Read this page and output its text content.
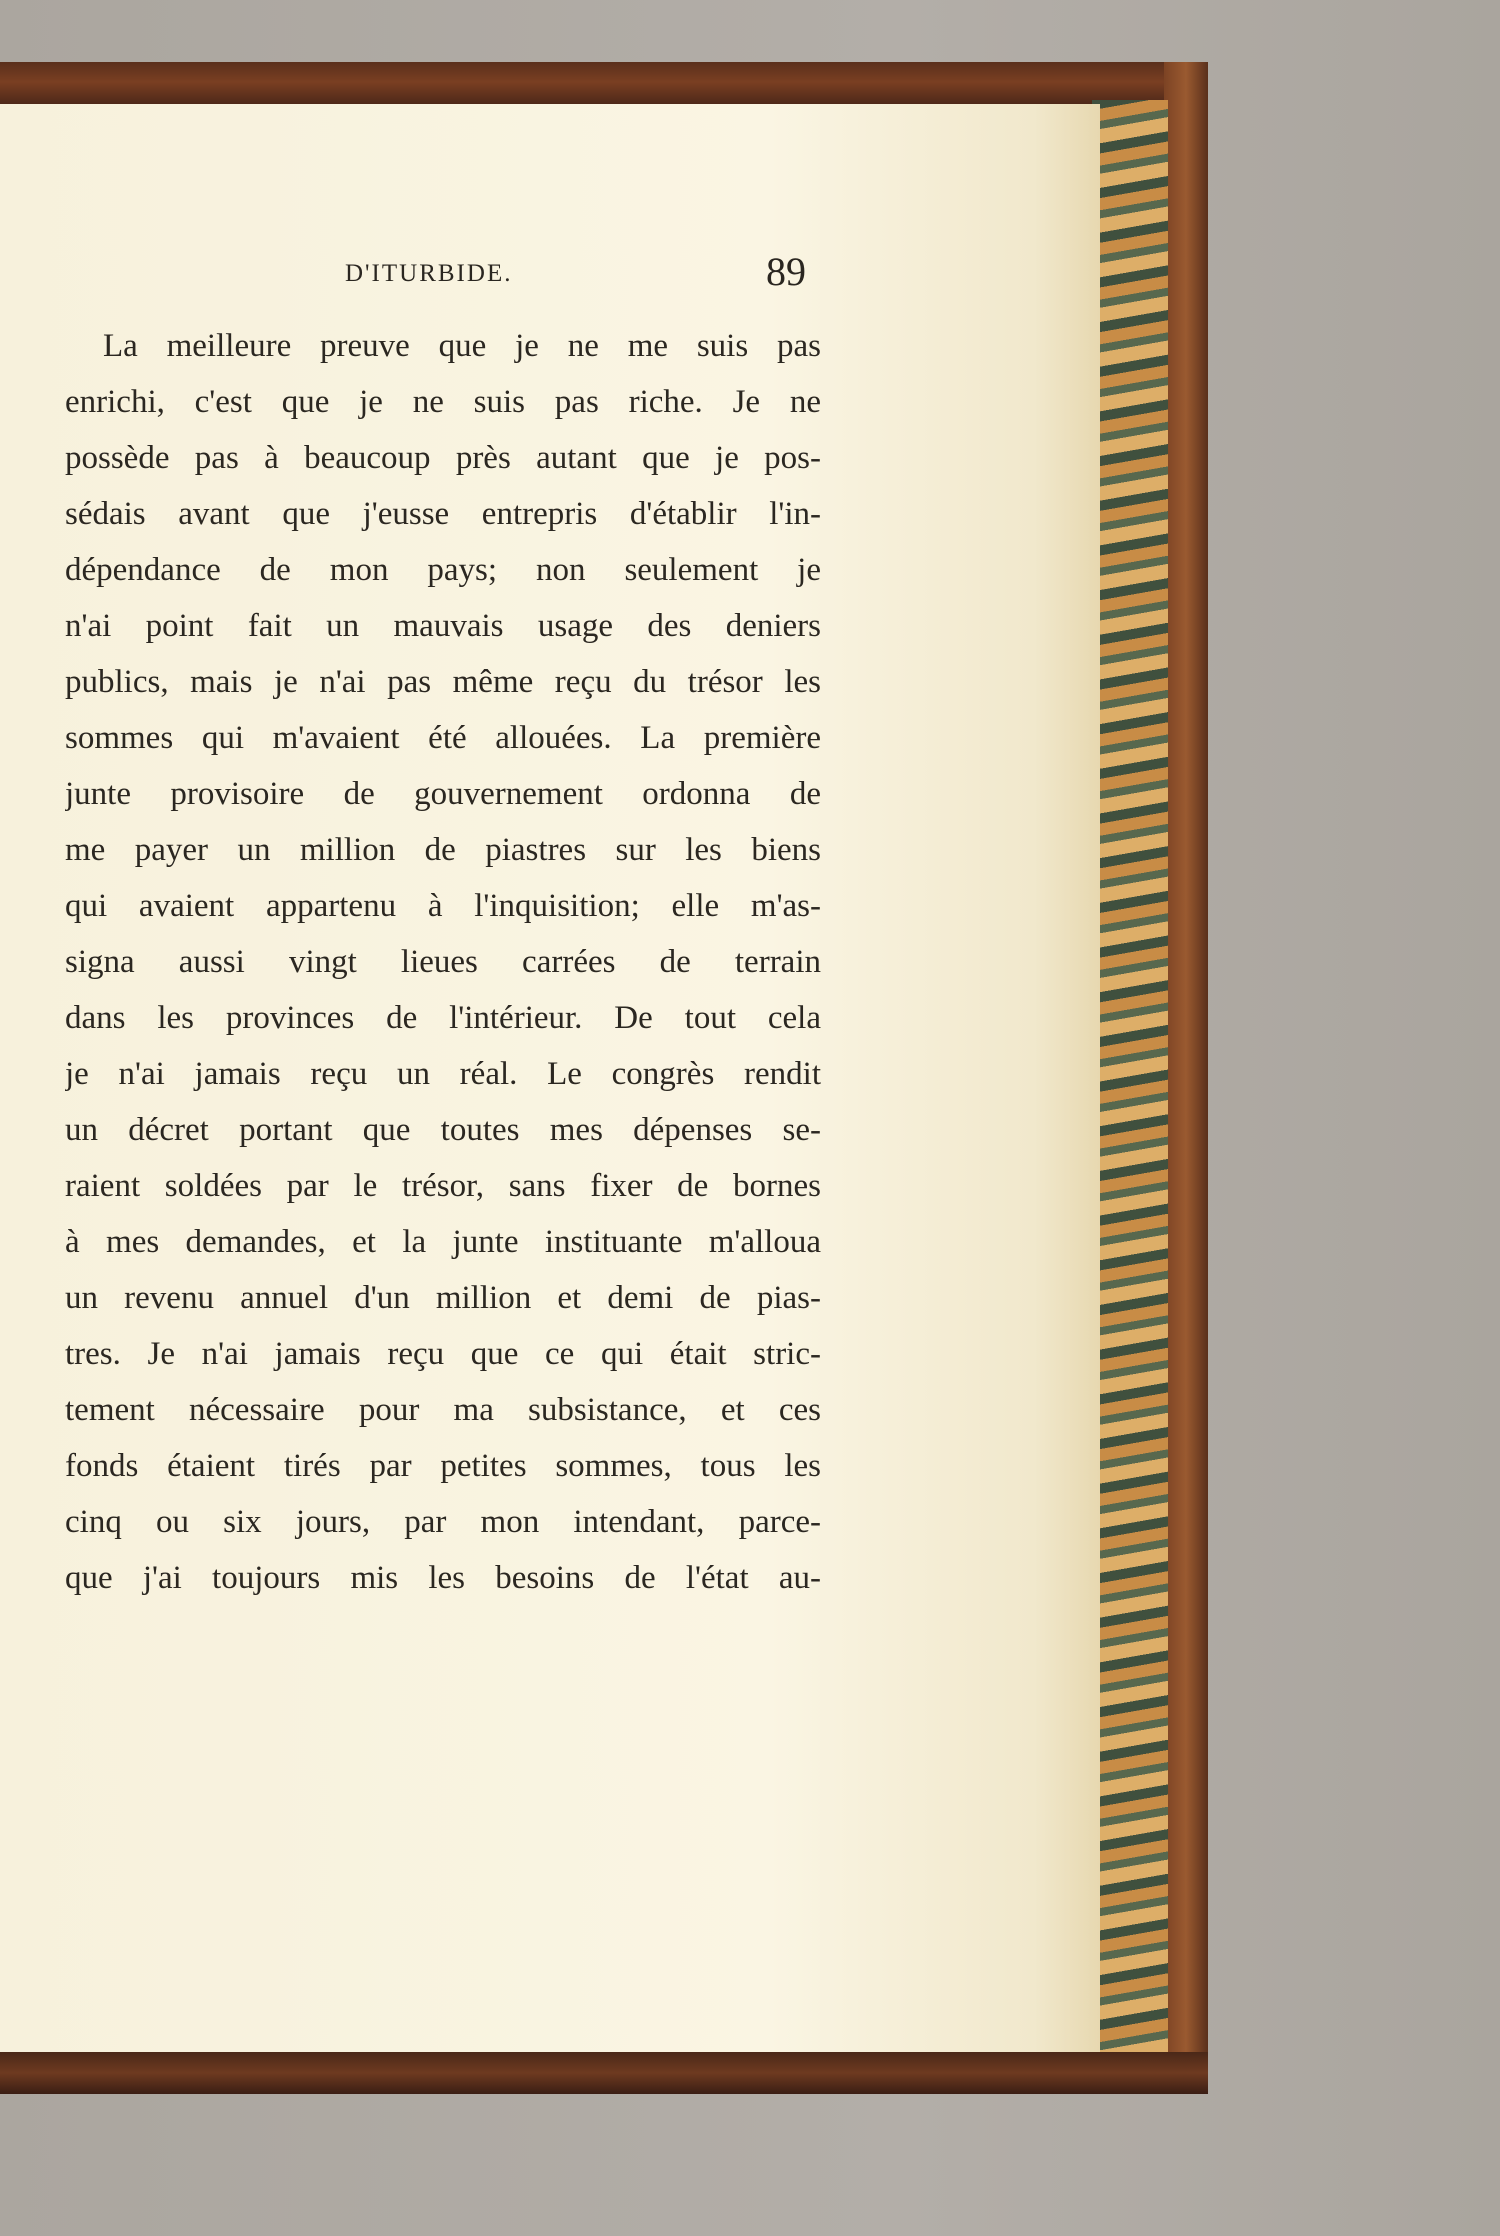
D'ITURBIDE.	89
La meilleure preuve que je ne me suis pas
enrichi, c'est que je ne suis pas riche. Je ne
possède pas à beaucoup près autant que je pos-
sédais avant que j'eusse entrepris d'établir l'in-
dépendance de mon pays; non seulement je
n'ai point fait un mauvais usage des deniers
publics, mais je n'ai pas même reçu du trésor les
sommes qui m'avaient été allouées. La première
junte provisoire de gouvernement ordonna de
me payer un million de piastres sur les biens
qui avaient appartenu à l'inquisition; elle m'as-
signa aussi vingt lieues carrées de terrain
dans les provinces de l'intérieur. De tout cela
je n'ai jamais reçu un réal. Le congrès rendit
un décret portant que toutes mes dépenses se-
raient soldées par le trésor, sans fixer de bornes
à mes demandes, et la junte instituante m'alloua
un revenu annuel d'un million et demi de pias-
tres. Je n'ai jamais reçu que ce qui était stric-
tement nécessaire pour ma subsistance, et ces
fonds étaient tirés par petites sommes, tous les
cinq ou six jours, par mon intendant, parce-
que j'ai toujours mis les besoins de l'état au-
